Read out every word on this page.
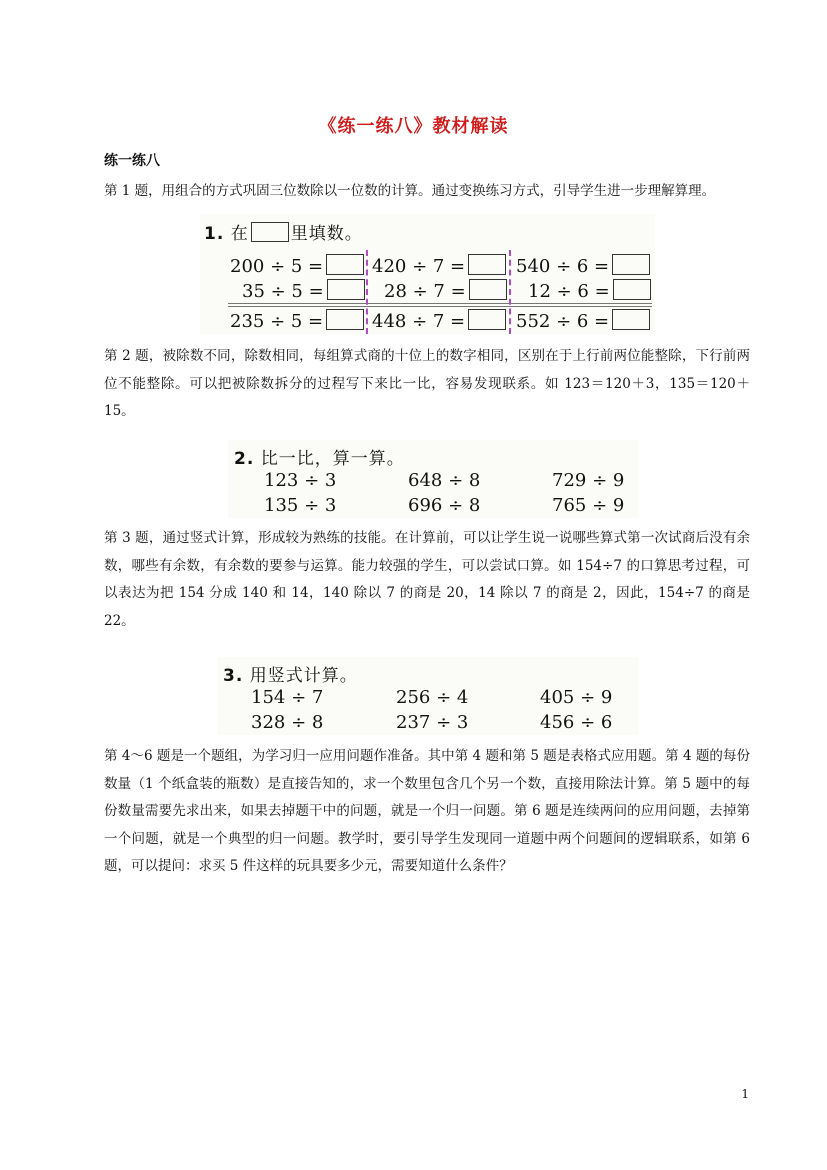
《练一练八》教材解读
练一练八

第 1 题，用组合的方式巩固三位数除以一位数的计算。通过变换练习方式，引导学生进一步理解算理。

1. 在 里填数。
200 ÷ 5 =	420 ÷ 7 =	540 ÷ 6 =
35 ÷ 5 =	28 ÷ 7 =	12 ÷ 6 =
235 ÷ 5 =	448 ÷ 7 =	552 ÷ 6 =

第 2 题，被除数不同，除数相同，每组算式商的十位上的数字相同，区别在于上行前两位能整除，下行前两位不能整除。可以把被除数拆分的过程写下来比一比，容易发现联系。如 123＝120＋3，135＝120＋15。

2. 比一比，算一算。
123 ÷ 3	648 ÷ 8	729 ÷ 9
135 ÷ 3	696 ÷ 8	765 ÷ 9

第 3 题，通过竖式计算，形成较为熟练的技能。在计算前，可以让学生说一说哪些算式第一次试商后没有余数，哪些有余数，有余数的要参与运算。能力较强的学生，可以尝试口算。如 154÷7 的口算思考过程，可以表达为把 154 分成 140 和 14，140 除以 7 的商是 20，14 除以 7 的商是 2，因此，154÷7 的商是 22。

3. 用竖式计算。
154 ÷ 7	256 ÷ 4	405 ÷ 9
328 ÷ 8	237 ÷ 3	456 ÷ 6

第 4～6 题是一个题组，为学习归一应用问题作准备。其中第 4 题和第 5 题是表格式应用题。第 4 题的每份数量（1 个纸盒装的瓶数）是直接告知的，求一个数里包含几个另一个数，直接用除法计算。第 5 题中的每份数量需要先求出来，如果去掉题干中的问题，就是一个归一问题。第 6 题是连续两问的应用问题，去掉第一个问题，就是一个典型的归一问题。教学时，要引导学生发现同一道题中两个问题间的逻辑联系，如第 6 题，可以提问：求买 5 件这样的玩具要多少元，需要知道什么条件？

1
